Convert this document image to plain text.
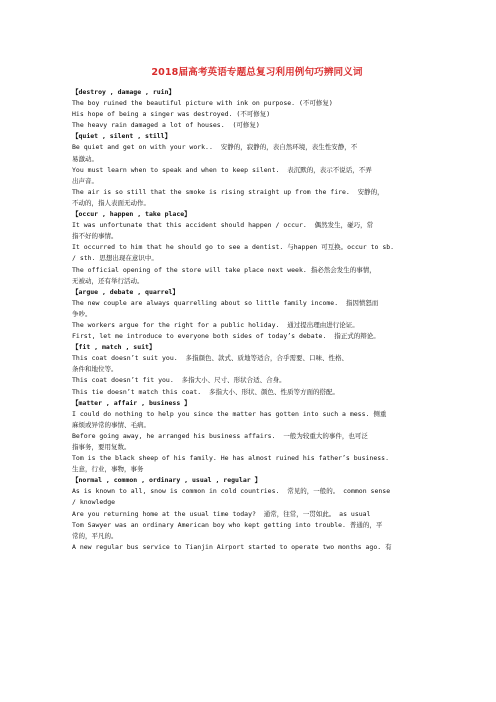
2018届高考英语专题总复习利用例句巧辨同义词
【destroy , damage , ruin】
The boy ruined the beautiful picture with ink on purpose. (不可修复)
His hope of being a singer was destroyed. (不可修复)
The heavy rain damaged a lot of houses.  (可修复)
【quiet , silent , still】
Be quiet and get on with your work..  安静的，寂静的，表自然环境，表生性安静，不
易激动。
You must learn when to speak and when to keep silent.  表沉默的，表示不说话，不弄
出声音。
The air is so still that the smoke is rising straight up from the fire.  安静的，
不动的，指人表面无动作。
【occur , happen , take place】
It was unfortunate that this accident should happen / occur.  偶然发生，碰巧，常
指不好的事情。
It occurred to him that he should go to see a dentist. 与happen 可互换。occur to sb.
/ sth. 思想出现在意识中。
The official opening of the store will take place next week. 指必然会发生的事情，
无被动，还有举行活动。
【argue , debate , quarrel】
The new couple are always quarrelling about so little family income.  指因愤怒而
争吵。
The workers argue for the right for a public holiday.  通过提出理由进行论证。
First, let me introduce to everyone both sides of today’s debate.  指正式的辩论。
【fit , match , suit】
This coat doesn’t suit you.  多指颜色、款式、质地等适合，合乎需要、口味、性格、
条件和地位等。
This coat doesn’t fit you.  多指大小、尺寸、形状合适、合身。
This tie doesn’t match this coat.  多指大小、形状、颜色、性质等方面的搭配。
【matter , affair , business 】
I could do nothing to help you since the matter has gotten into such a mess. 侧重
麻烦或异常的事情、毛病。
Before going away, he arranged his business affairs.  一般为较重大的事件，也可泛
指事务，要用复数。
Tom is the black sheep of his family. He has almost ruined his father’s business.
生意，行业，事物，事务
【normal , common , ordinary , usual , regular 】
As is known to all, snow is common in cold countries.  常见的，一般的。 common sense
/ knowledge
Are you returning home at the usual time today?  通常，往常，一贯如此。 as usual
Tom Sawyer was an ordinary American boy who kept getting into trouble. 普通的，平
常的，平凡的。
A new regular bus service to Tianjin Airport started to operate two months ago. 有
